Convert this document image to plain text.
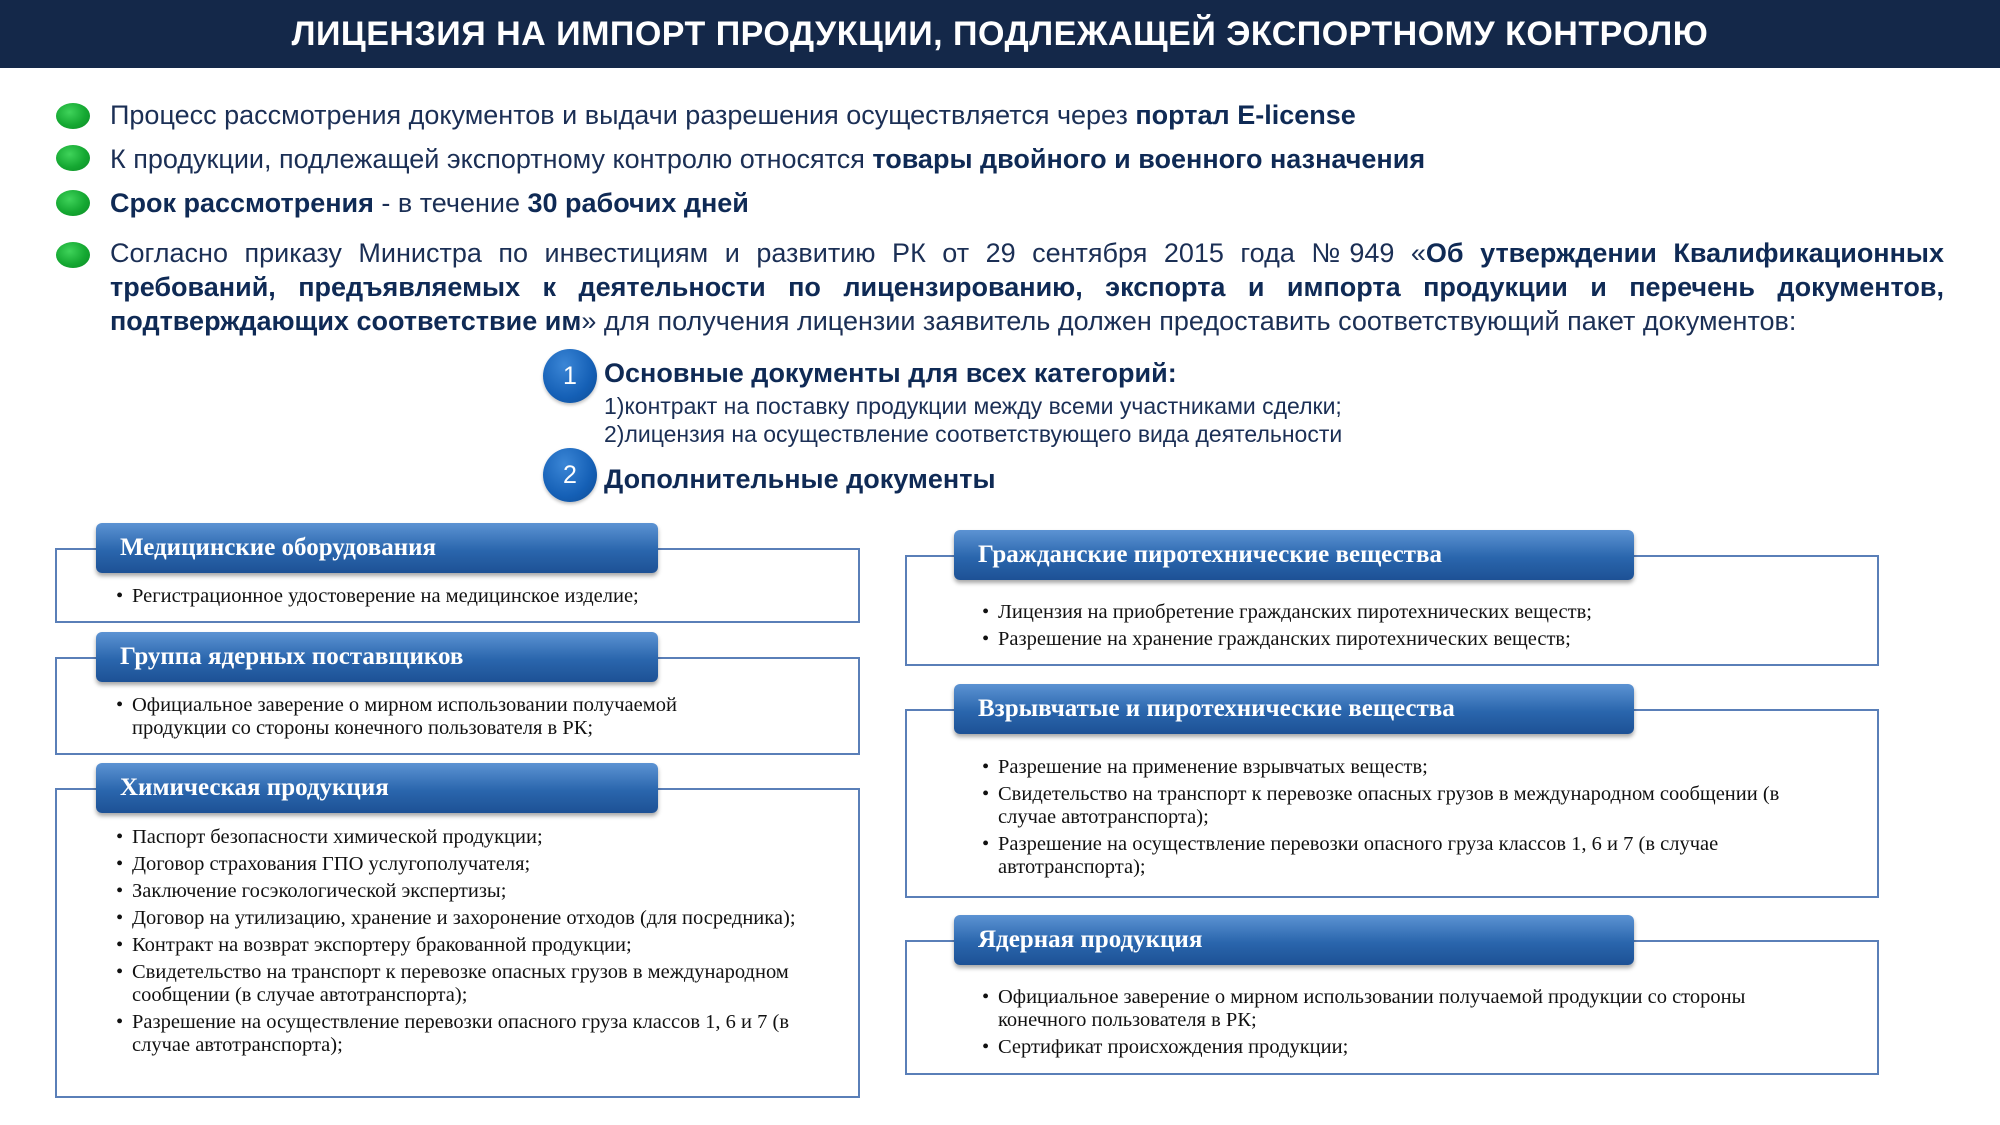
ЛИЦЕНЗИЯ НА ИМПОРТ ПРОДУКЦИИ, ПОДЛЕЖАЩЕЙ ЭКСПОРТНОМУ КОНТРОЛЮ
Процесс рассмотрения документов и выдачи разрешения осуществляется через портал E-license
К продукции, подлежащей экспортному контролю относятся товары двойного и военного назначения
Срок рассмотрения - в течение 30 рабочих дней
Согласно приказу Министра по инвестициям и развитию РК от 29 сентября 2015 года №949 «Об утверждении Квалификационных требований, предъявляемых к деятельности по лицензированию, экспорта и импорта продукции и перечень документов, подтверждающих соответствие им» для получения лицензии заявитель должен предоставить соответствующий пакет документов:
1	Основные документы для всех категорий:
1)контракт на поставку продукции между всеми участниками сделки;
2)лицензия на осуществление соответствующего вида деятельности
2	Дополнительные документы
Медицинские оборудования
• Регистрационное удостоверение на медицинское изделие;
Группа ядерных поставщиков
• Официальное заверение о мирном использовании получаемой продукции со стороны конечного пользователя в РК;
Химическая продукция
• Паспорт безопасности химической продукции;
• Договор страхования ГПО услугополучателя;
• Заключение госэкологической экспертизы;
• Договор на утилизацию, хранение и захоронение отходов (для посредника);
• Контракт на возврат экспортеру бракованной продукции;
• Свидетельство на транспорт к перевозке опасных грузов в международном сообщении (в случае автотранспорта);
• Разрешение на осуществление перевозки опасного груза классов 1, 6 и 7 (в случае автотранспорта);
Гражданские пиротехнические вещества
• Лицензия на приобретение гражданских пиротехнических веществ;
• Разрешение на хранение гражданских пиротехнических веществ;
Взрывчатые и пиротехнические вещества
• Разрешение на применение взрывчатых веществ;
• Свидетельство на транспорт к перевозке опасных грузов в международном сообщении (в случае автотранспорта);
• Разрешение на осуществление перевозки опасного груза классов 1, 6 и 7 (в случае автотранспорта);
Ядерная продукция
• Официальное заверение о мирном использовании получаемой продукции со стороны конечного пользователя в РК;
• Сертификат происхождения продукции;
